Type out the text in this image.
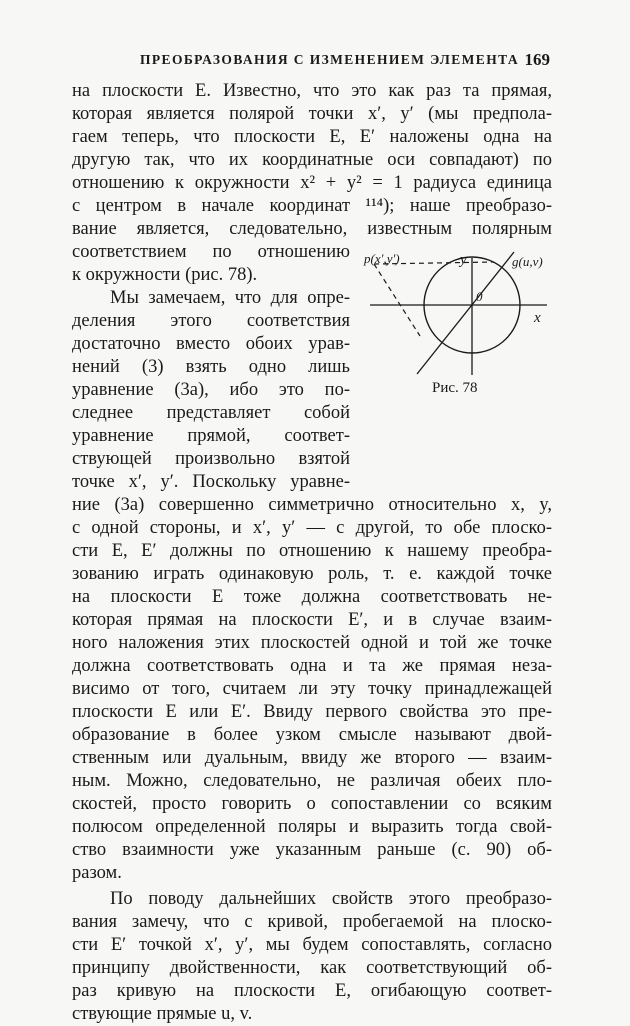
ПРЕОБРАЗОВАНИЯ С ИЗМЕНЕНИЕМ ЭЛЕМЕНТА 169
на плоскости E. Известно, что это как раз та прямая,
которая является полярой точки x′, y′ (мы предпола-
гаем теперь, что плоскости E, E′ наложены одна на
другую так, что их координатные оси совпадают) по
отношению к окружности x² + y² = 1 радиуса единица
с центром в начале координат ¹¹⁴); наше преобразо-
вание является, следовательно, известным полярным
соответствием по отношению
к окружности (рис. 78).
Мы замечаем, что для опре-
деления этого соответствия
достаточно вместо обоих урав-
нений (3) взять одно лишь
уравнение (3а), ибо это по-
следнее представляет собой
уравнение прямой, соответ-
ствующей произвольно взятой
точке x′, y′. Поскольку уравне-
ние (3а) совершенно симметрично относительно x, y,
с одной стороны, и x′, y′ — с другой, то обе плоско-
сти E, E′ должны по отношению к нашему преобра-
зованию играть одинаковую роль, т. е. каждой точке
на плоскости E тоже должна соответствовать не-
которая прямая на плоскости E′, и в случае взаим-
ного наложения этих плоскостей одной и той же точке
должна соответствовать одна и та же прямая неза-
висимо от того, считаем ли эту точку принадлежащей
плоскости E или E′. Ввиду первого свойства это пре-
образование в более узком смысле называют двой-
ственным или дуальным, ввиду же второго — взаим-
ным. Можно, следовательно, не различая обеих пло-
скостей, просто говорить о сопоставлении со всяким
полюсом определенной поляры и выразить тогда свой-
ство взаимности уже указанным раньше (с. 90) об-
разом.
По поводу дальнейших свойств этого преобразо-
вания замечу, что с кривой, пробегаемой на плоско-
сти E′ точкой x′, y′, мы будем сопоставлять, согласно
принципу двойственности, как соответствующий об-
раз кривую на плоскости E, огибающую соответ-
ствующие прямые u, v.
p(x′,y′)	g(u,v)
y
x
0
Рис. 78
